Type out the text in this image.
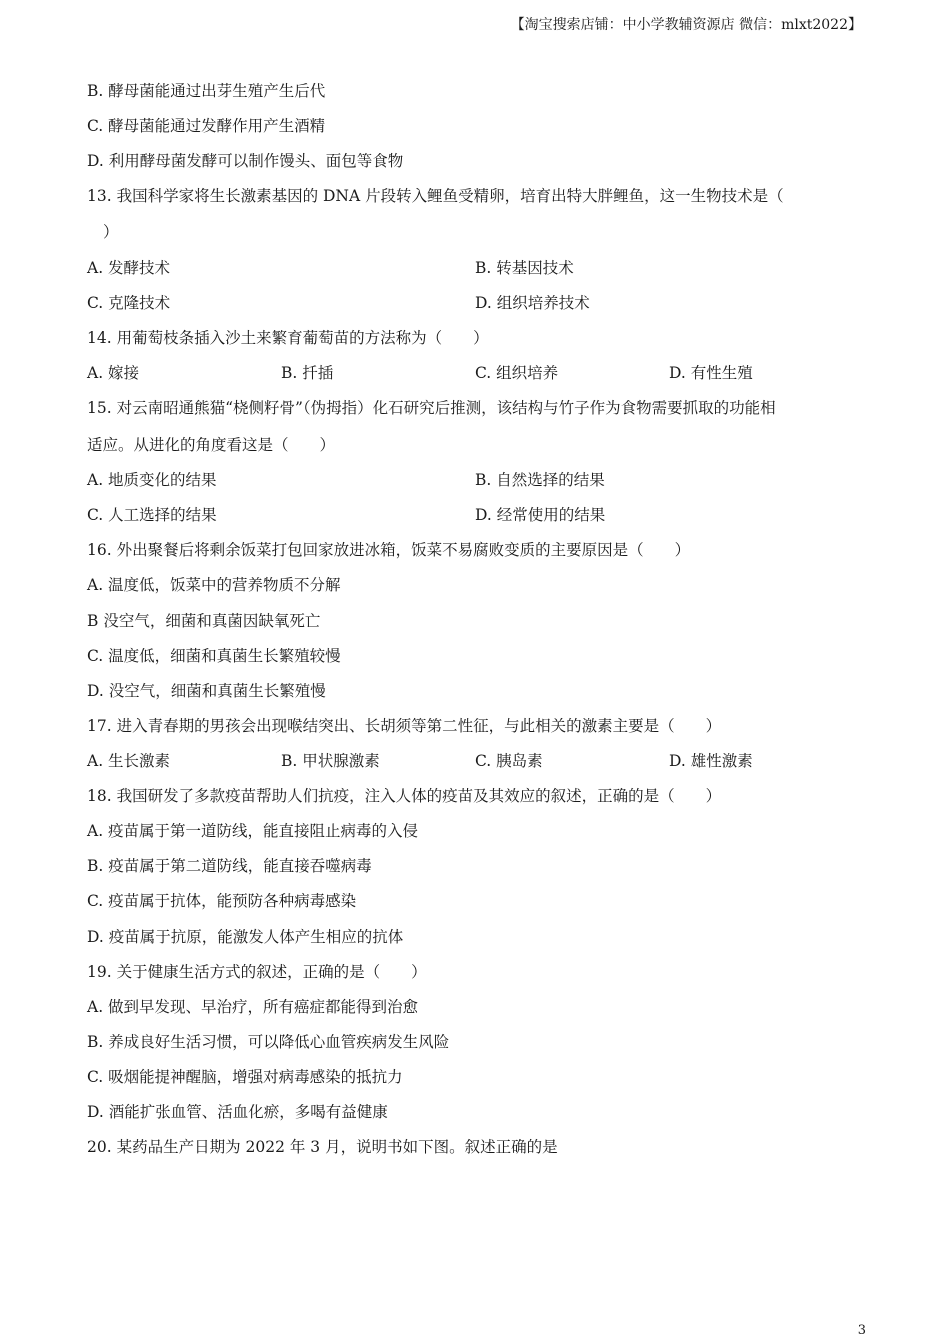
【淘宝搜索店铺：中小学教辅资源店 微信：mlxt2022】
B. 酵母菌能通过出芽生殖产生后代
C. 酵母菌能通过发酵作用产生酒精
D. 利用酵母菌发酵可以制作馒头、面包等食物
13. 我国科学家将生长激素基因的 DNA 片段转入鲤鱼受精卵，培育出特大胖鲤鱼，这一生物技术是（
）
A. 发酵技术	B. 转基因技术
C. 克隆技术	D. 组织培养技术
14. 用葡萄枝条插入沙土来繁育葡萄苗的方法称为（　　）
A. 嫁接	B. 扦插	C. 组织培养	D. 有性生殖
15. 对云南昭通熊猫“桡侧籽骨”（伪拇指）化石研究后推测，该结构与竹子作为食物需要抓取的功能相
适应。从进化的角度看这是（　　）
A. 地质变化的结果	B. 自然选择的结果
C. 人工选择的结果	D. 经常使用的结果
16. 外出聚餐后将剩余饭菜打包回家放进冰箱，饭菜不易腐败变质的主要原因是（　　）
A. 温度低，饭菜中的营养物质不分解
B 没空气，细菌和真菌因缺氧死亡
C. 温度低，细菌和真菌生长繁殖较慢
D. 没空气，细菌和真菌生长繁殖慢
17. 进入青春期的男孩会出现喉结突出、长胡须等第二性征，与此相关的激素主要是（　　）
A. 生长激素	B. 甲状腺激素	C. 胰岛素	D. 雄性激素
18. 我国研发了多款疫苗帮助人们抗疫，注入人体的疫苗及其效应的叙述，正确的是（　　）
A. 疫苗属于第一道防线，能直接阻止病毒的入侵
B. 疫苗属于第二道防线，能直接吞噬病毒
C. 疫苗属于抗体，能预防各种病毒感染
D. 疫苗属于抗原，能激发人体产生相应的抗体
19. 关于健康生活方式的叙述，正确的是（　　）
A. 做到早发现、早治疗，所有癌症都能得到治愈
B. 养成良好生活习惯，可以降低心血管疾病发生风险
C. 吸烟能提神醒脑，增强对病毒感染的抵抗力
D. 酒能扩张血管、活血化瘀，多喝有益健康
20. 某药品生产日期为 2022 年 3 月，说明书如下图。叙述正确的是
3
